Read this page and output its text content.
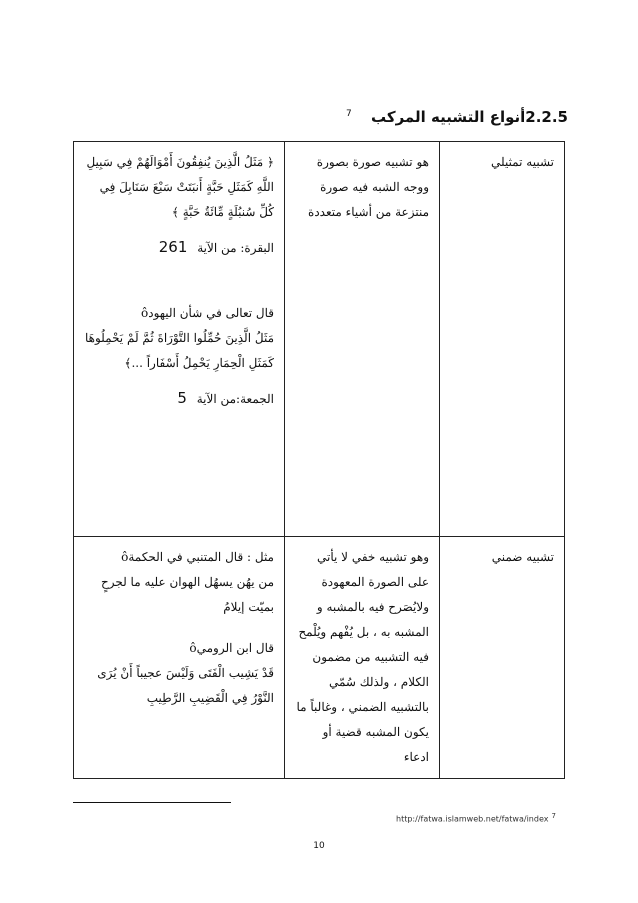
2.2.5أنواع التشبيه المركب $^7$
تشبيه تمثيلي	هو تشبيه صورة بصورة ووجه الشبه فيه صورة منتزعة من أشياء متعددة	﴿ مَثَلُ الَّذِينَ يُنفِقُونَ أَمْوَالَهُمْ فِي سَبِيلِ اللَّهِ كَمَثَلِ حَبَّةٍ أَنبَتَتْ سَبْعَ سَنَابِلَ فِي كُلِّ سُنبُلَةٍ مِّائَةُ حَبَّةٍ ﴾

البقرة: من الآية 261

قال تعالى في شأن اليهودô

مَثَلُ الَّذِينَ حُمِّلُوا التَّوْرَاةَ ثُمَّ لَمْ يَحْمِلُوهَا كَمَثَلِ الْحِمَارِ يَحْمِلُ أَسْفَاراً ...﴾

الجمعة:من الآية 5

تشبيه ضمني	وهو تشبيه خفي لا يأتي على الصورة المعهودة ولايُصَرح فيه بالمشبه و المشبه به ، بل يُفْهم ويُلْمح فيه التشبيه من مضمون الكلام ، ولذلك سُمّي بالتشبيه الضمني ، وغالباً ما يكون المشبه قضية أو ادعاء	مثل : قال المتنبي في الحكمةô

من يهُن يسهُل الهوان عليه ما لجرحٍ بميّت إيلامُ

قال ابن الروميô

قَدْ يَشِيب الْفَتَى وَلَيْسَ عجيباً أَنْ يُرَى النَّوْرُ فِي الْقَضِيبِ الرَّطِيبِ

http://fatwa.islamweb.net/fatwa/index 7
10
